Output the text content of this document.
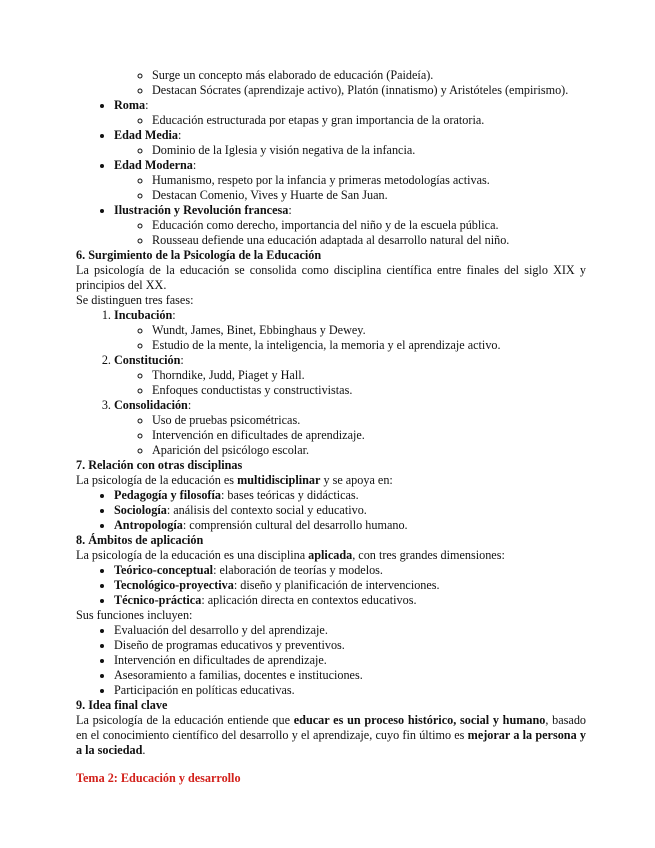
◦ Surge un concepto más elaborado de educación (Paideía).
◦ Destacan Sócrates (aprendizaje activo), Platón (innatismo) y Aristóteles (empirismo).
• Roma:
◦ Educación estructurada por etapas y gran importancia de la oratoria.
• Edad Media:
◦ Dominio de la Iglesia y visión negativa de la infancia.
• Edad Moderna:
◦ Humanismo, respeto por la infancia y primeras metodologías activas.
◦ Destacan Comenio, Vives y Huarte de San Juan.
• Ilustración y Revolución francesa:
◦ Educación como derecho, importancia del niño y de la escuela pública.
◦ Rousseau defiende una educación adaptada al desarrollo natural del niño.

6. Surgimiento de la Psicología de la Educación

La psicología de la educación se consolida como disciplina científica entre finales del siglo XIX y principios del XX.

Se distinguen tres fases:

1. Incubación:
◦ Wundt, James, Binet, Ebbinghaus y Dewey.
◦ Estudio de la mente, la inteligencia, la memoria y el aprendizaje activo.
2. Constitución:
◦ Thorndike, Judd, Piaget y Hall.
◦ Enfoques conductistas y constructivistas.
3. Consolidación:
◦ Uso de pruebas psicométricas.
◦ Intervención en dificultades de aprendizaje.
◦ Aparición del psicólogo escolar.

7. Relación con otras disciplinas

La psicología de la educación es multidisciplinar y se apoya en:

• Pedagogía y filosofía: bases teóricas y didácticas.
• Sociología: análisis del contexto social y educativo.
• Antropología: comprensión cultural del desarrollo humano.

8. Ámbitos de aplicación

La psicología de la educación es una disciplina aplicada, con tres grandes dimensiones:

• Teórico-conceptual: elaboración de teorías y modelos.
• Tecnológico-proyectiva: diseño y planificación de intervenciones.
• Técnico-práctica: aplicación directa en contextos educativos.

Sus funciones incluyen:

• Evaluación del desarrollo y del aprendizaje.
• Diseño de programas educativos y preventivos.
• Intervención en dificultades de aprendizaje.
• Asesoramiento a familias, docentes e instituciones.
• Participación en políticas educativas.

9. Idea final clave

La psicología de la educación entiende que educar es un proceso histórico, social y humano, basado en el conocimiento científico del desarrollo y el aprendizaje, cuyo fin último es mejorar a la persona y a la sociedad.

Tema 2: Educación y desarrollo
